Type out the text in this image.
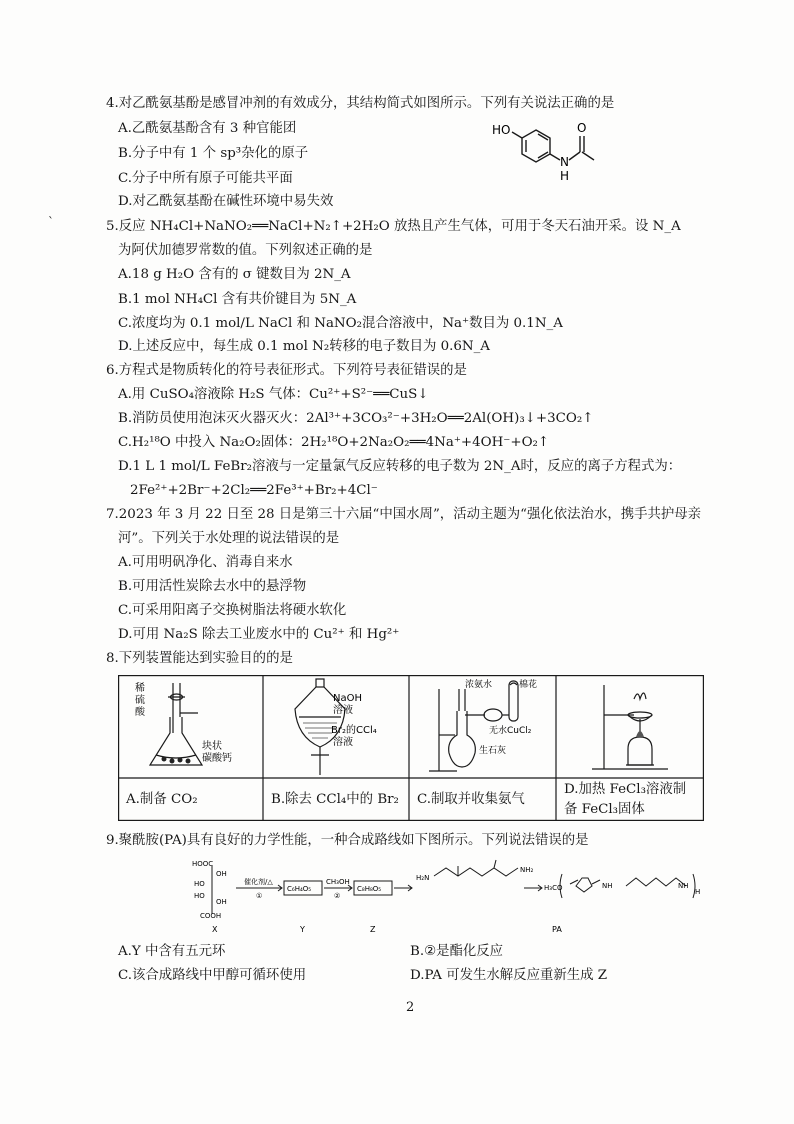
4.对乙酰氨基酚是感冒冲剂的有效成分，其结构简式如图所示。下列有关说法正确的是
A.乙酰氨基酚含有 3 种官能团
B.分子中有 1 个 sp³杂化的原子
C.分子中所有原子可能共平面
D.对乙酰氨基酚在碱性环境中易失效
HO	O
N
H
5.反应 NH₄Cl+NaNO₂══NaCl+N₂↑+2H₂O 放热且产生气体，可用于冬天石油开采。设 N_A
为阿伏加德罗常数的值。下列叙述正确的是
A.18 g H₂O 含有的 σ 键数目为 2N_A
B.1 mol NH₄Cl 含有共价键目为 5N_A
C.浓度均为 0.1 mol/L NaCl 和 NaNO₂混合溶液中，Na⁺数目为 0.1N_A
D.上述反应中，每生成 0.1 mol N₂转移的电子数目为 0.6N_A
6.方程式是物质转化的符号表征形式。下列符号表征错误的是
A.用 CuSO₄溶液除 H₂S 气体：Cu²⁺+S²⁻══CuS↓
B.消防员使用泡沫灭火器灭火：2Al³⁺+3CO₃²⁻+3H₂O══2Al(OH)₃↓+3CO₂↑
C.H₂¹⁸O 中投入 Na₂O₂固体：2H₂¹⁸O+2Na₂O₂══4Na⁺+4OH⁻+O₂↑
D.1 L 1 mol/L FeBr₂溶液与一定量氯气反应转移的电子数为 2N_A时，反应的离子方程式为：
2Fe²⁺+2Br⁻+2Cl₂══2Fe³⁺+Br₂+4Cl⁻
7.2023 年 3 月 22 日至 28 日是第三十六届“中国水周”，活动主题为“强化依法治水，携手共护母亲
河”。下列关于水处理的说法错误的是
A.可用明矾净化、消毒自来水
B.可用活性炭除去水中的悬浮物
C.可采用阳离子交换树脂法将硬水软化
D.可用 Na₂S 除去工业废水中的 Cu²⁺ 和 Hg²⁺
8.下列装置能达到实验目的的是
稀
硫
酸
块状
碳酸钙
NaOH
溶液
Br₂的CCl₄
溶液
浓氨水	棉花
无水CuCl₂
生石灰
A.制备 CO₂	B.除去 CCl₄中的 Br₂ C.制取并收集氨气
D.加热 FeCl₃溶液制
备 FeCl₃固体
9.聚酰胺(PA)具有良好的力学性能，一种合成路线如下图所示。下列说法错误的是
HOOC
OH
HO
HO
OH
COOH
催化剂/△
①
C₆H₄O₅
CH₃OH
②
C₈H₈O₅
H₂N
NH₂
H₃CO	NH	NH
H
X	Y	Z	PA
A.Y 中含有五元环	B.②是酯化反应
C.该合成路线中甲醇可循环使用	D.PA 可发生水解反应重新生成 Z
2
ˋ
